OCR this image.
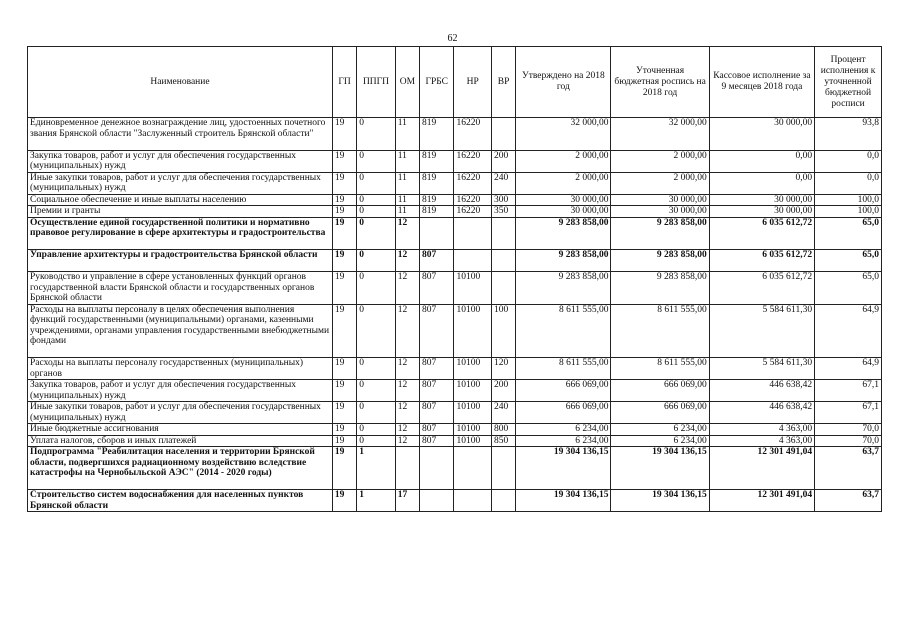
62
Наименование	ГП	ППГП	ОМ	ГРБС	НР	ВР	Утверждено на 2018 год	Уточненная бюджетная роспись на 2018 год	Кассовое исполнение за 9 месяцев 2018 года	Процент исполнения к уточненной бюджетной росписи
Единовременное денежное вознаграждение лиц, удостоенных почетного звания Брянской области "Заслуженный строитель Брянской области"	19	0	11	819	16220		32 000,00	32 000,00	30 000,00	93,8
Закупка товаров, работ и услуг для обеспечения государственных (муниципальных) нужд	19	0	11	819	16220	200	2 000,00	2 000,00	0,00	0,0
Иные закупки товаров, работ и услуг для обеспечения государственных (муниципальных) нужд	19	0	11	819	16220	240	2 000,00	2 000,00	0,00	0,0
Социальное обеспечение и иные выплаты населению	19	0	11	819	16220	300	30 000,00	30 000,00	30 000,00	100,0
Премии и гранты	19	0	11	819	16220	350	30 000,00	30 000,00	30 000,00	100,0
Осуществление единой государственной политики и нормативно правовое регулирование в сфере архитектуры и градостроительства	19	0	12				9 283 858,00	9 283 858,00	6 035 612,72	65,0
Управление архитектуры и градостроительства Брянской области	19	0	12	807			9 283 858,00	9 283 858,00	6 035 612,72	65,0
Руководство и управление в сфере установленных функций органов государственной власти Брянской области и государственных органов Брянской области	19	0	12	807	10100		9 283 858,00	9 283 858,00	6 035 612,72	65,0
Расходы на выплаты персоналу в целях обеспечения выполнения функций государственными (муниципальными) органами, казенными учреждениями, органами управления государственными внебюджетными фондами	19	0	12	807	10100	100	8 611 555,00	8 611 555,00	5 584 611,30	64,9
Расходы на выплаты персоналу государственных (муниципальных) органов	19	0	12	807	10100	120	8 611 555,00	8 611 555,00	5 584 611,30	64,9
Закупка товаров, работ и услуг для обеспечения государственных (муниципальных) нужд	19	0	12	807	10100	200	666 069,00	666 069,00	446 638,42	67,1
Иные закупки товаров, работ и услуг для обеспечения государственных (муниципальных) нужд	19	0	12	807	10100	240	666 069,00	666 069,00	446 638,42	67,1
Иные бюджетные ассигнования	19	0	12	807	10100	800	6 234,00	6 234,00	4 363,00	70,0
Уплата налогов, сборов и иных платежей	19	0	12	807	10100	850	6 234,00	6 234,00	4 363,00	70,0
Подпрограмма "Реабилитация населения и территории Брянской области, подвергшихся радиационному воздействию вследствие катастрофы на Чернобыльской АЭС" (2014 - 2020 годы)	19	1					19 304 136,15	19 304 136,15	12 301 491,04	63,7
Строительство систем водоснабжения для населенных пунктов Брянской области	19	1	17				19 304 136,15	19 304 136,15	12 301 491,04	63,7
